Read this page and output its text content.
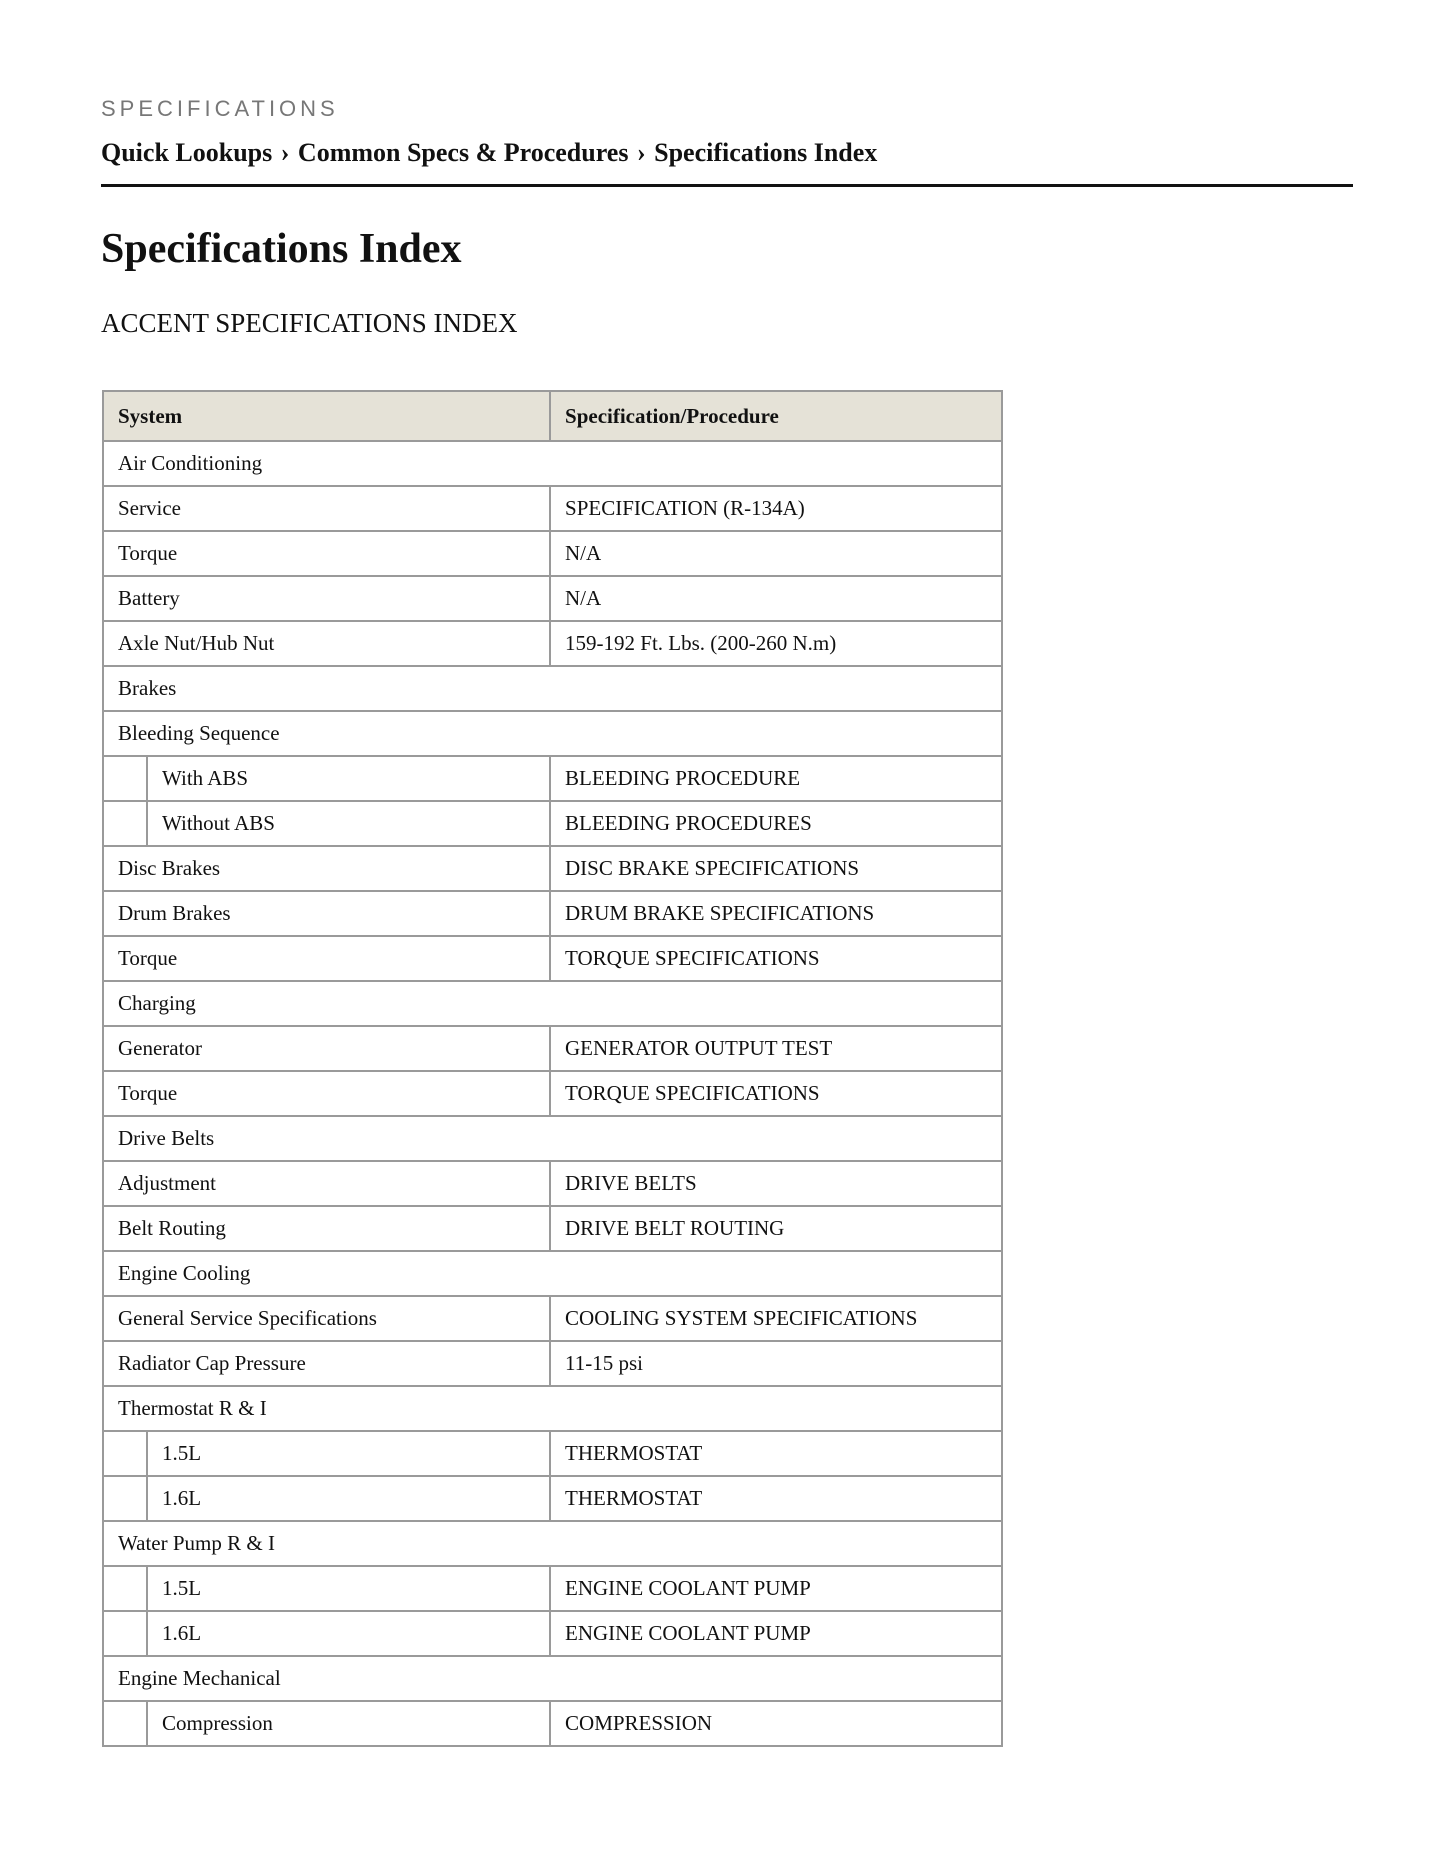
SPECIFICATIONS
Quick Lookups › Common Specs & Procedures › Specifications Index
Specifications Index
ACCENT SPECIFICATIONS INDEX
System		Specification/Procedure
Air Conditioning		
Service		SPECIFICATION (R-134A)
Torque		N/A
Battery		N/A
Axle Nut/Hub Nut		159-192 Ft. Lbs. (200-260 N.m)
Brakes		
Bleeding Sequence		
	With ABS	BLEEDING PROCEDURE
	Without ABS	BLEEDING PROCEDURES
Disc Brakes		DISC BRAKE SPECIFICATIONS
Drum Brakes		DRUM BRAKE SPECIFICATIONS
Torque		TORQUE SPECIFICATIONS
Charging		
Generator		GENERATOR OUTPUT TEST
Torque		TORQUE SPECIFICATIONS
Drive Belts		
Adjustment		DRIVE BELTS
Belt Routing		DRIVE BELT ROUTING
Engine Cooling		
General Service Specifications		COOLING SYSTEM SPECIFICATIONS
Radiator Cap Pressure		11-15 psi
Thermostat R & I		
	1.5L	THERMOSTAT
	1.6L	THERMOSTAT
Water Pump R & I		
	1.5L	ENGINE COOLANT PUMP
	1.6L	ENGINE COOLANT PUMP
Engine Mechanical		
	Compression	COMPRESSION
